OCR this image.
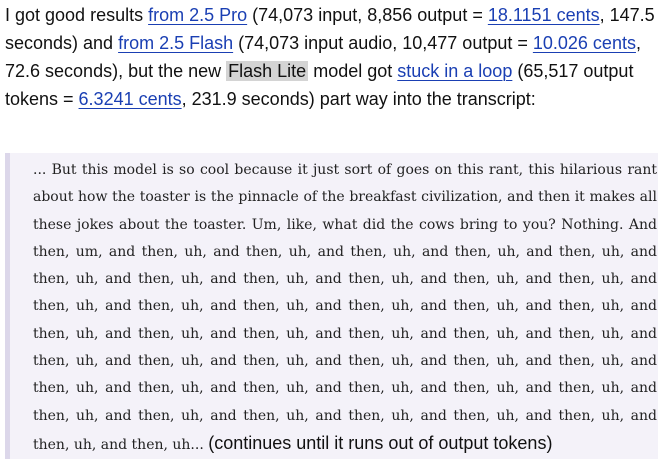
I got good results from 2.5 Pro (74,073 input, 8,856 output = 18.1151 cents, 147.5 seconds) and from 2.5 Flash (74,073 input audio, 10,477 output = 10.026 cents, 72.6 seconds), but the new Flash Lite model got stuck in a loop (65,517 output tokens = 6.3241 cents, 231.9 seconds) part way into the transcript:

... But this model is so cool because it just sort of goes on this rant, this hilarious rant about how the toaster is the pinnacle of the breakfast civilization, and then it makes all these jokes about the toaster. Um, like, what did the cows bring to you? Nothing. And then, um, and then, uh, and then, uh, and then, uh, and then, uh, and then, uh, and then, uh, and then, uh, and then, uh, and then, uh, and then, uh, and then, uh, and then, uh, and then, uh, and then, uh, and then, uh, and then, uh, and then, uh, and then, uh, and then, uh, and then, uh, and then, uh, and then, uh, and then, uh, and then, uh, and then, uh, and then, uh, and then, uh, and then, uh, and then, uh, and then, uh, and then, uh, and then, uh, and then, uh, and then, uh, and then, uh, and then, uh, and then, uh, and then, uh, and then, uh, and then, uh, and then, uh, and then, uh, and then, uh... (continues until it runs out of output tokens)
